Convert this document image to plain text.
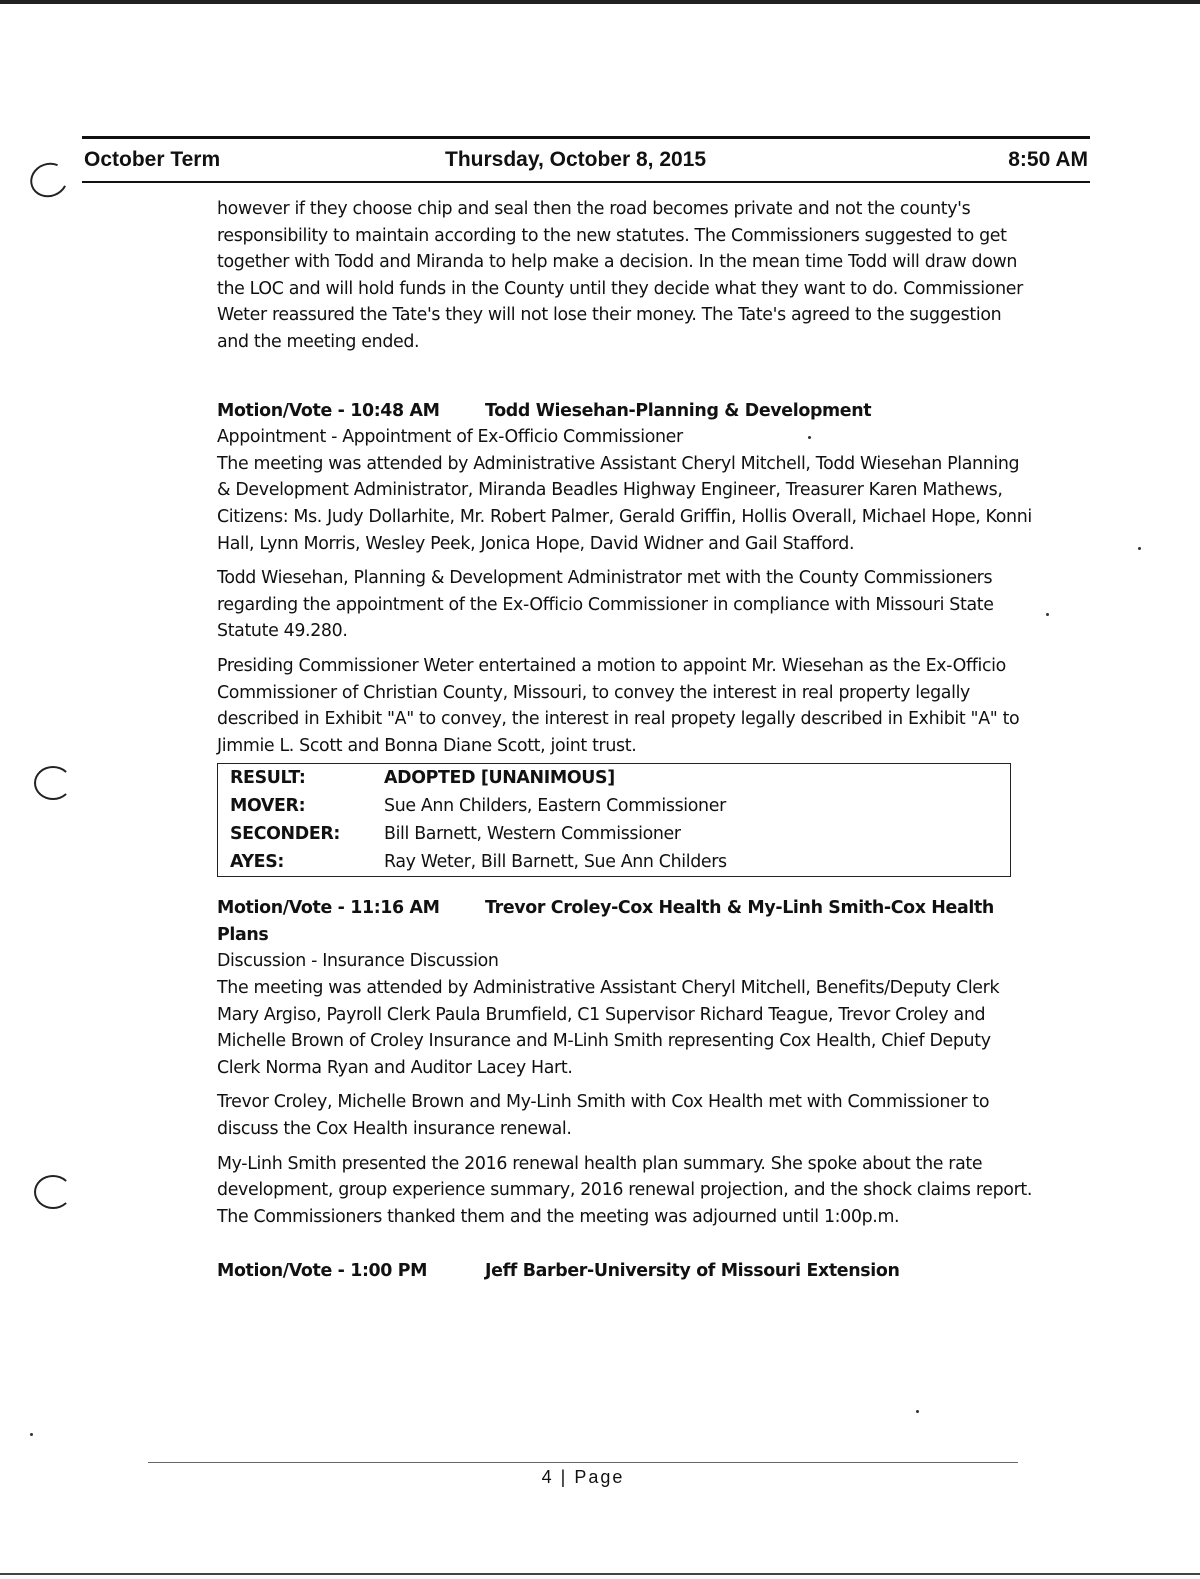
October Term	Thursday, October 8, 2015	8:50 AM

however if they choose chip and seal then the road becomes private and not the county's responsibility to maintain according to the new statutes. The Commissioners suggested to get together with Todd and Miranda to help make a decision. In the mean time Todd will draw down the LOC and will hold funds in the County until they decide what they want to do. Commissioner Weter reassured the Tate's they will not lose their money. The Tate's agreed to the suggestion and the meeting ended.

Motion/Vote - 10:48 AM	Todd Wiesehan-Planning & Development
Appointment - Appointment of Ex-Officio Commissioner

The meeting was attended by Administrative Assistant Cheryl Mitchell, Todd Wiesehan Planning & Development Administrator, Miranda Beadles Highway Engineer, Treasurer Karen Mathews, Citizens: Ms. Judy Dollarhite, Mr. Robert Palmer, Gerald Griffin, Hollis Overall, Michael Hope, Konni Hall, Lynn Morris, Wesley Peek, Jonica Hope, David Widner and Gail Stafford.

Todd Wiesehan, Planning & Development Administrator met with the County Commissioners regarding the appointment of the Ex-Officio Commissioner in compliance with Missouri State Statute 49.280.

Presiding Commissioner Weter entertained a motion to appoint Mr. Wiesehan as the Ex-Officio Commissioner of Christian County, Missouri, to convey the interest in real property legally described in Exhibit "A" to convey, the interest in real propety legally described in Exhibit "A" to Jimmie L. Scott and Bonna Diane Scott, joint trust.

RESULT:	ADOPTED [UNANIMOUS]
MOVER:	Sue Ann Childers, Eastern Commissioner
SECONDER:	Bill Barnett, Western Commissioner
AYES:	Ray Weter, Bill Barnett, Sue Ann Childers
Motion/Vote - 11:16 AM	Trevor Croley-Cox Health & My-Linh Smith-Cox Health
Plans
Discussion - Insurance Discussion

The meeting was attended by Administrative Assistant Cheryl Mitchell, Benefits/Deputy Clerk Mary Argiso, Payroll Clerk Paula Brumfield, C1 Supervisor Richard Teague, Trevor Croley and Michelle Brown of Croley Insurance and M-Linh Smith representing Cox Health, Chief Deputy Clerk Norma Ryan and Auditor Lacey Hart.

Trevor Croley, Michelle Brown and My-Linh Smith with Cox Health met with Commissioner to discuss the Cox Health insurance renewal.

My-Linh Smith presented the 2016 renewal health plan summary. She spoke about the rate development, group experience summary, 2016 renewal projection, and the shock claims report. The Commissioners thanked them and the meeting was adjourned until 1:00p.m.

Motion/Vote - 1:00 PM	Jeff Barber-University of Missouri Extension
4 | Page
